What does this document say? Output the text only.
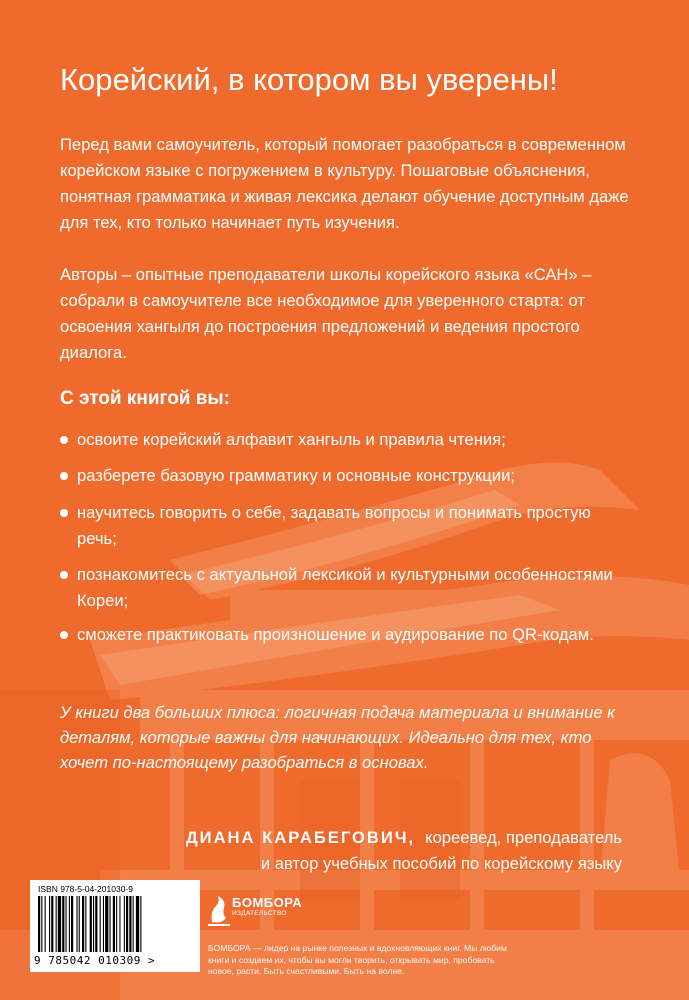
Корейский, в котором вы уверены!

Перед вами самоучитель, который помогает разобраться в современном корейском языке с погружением в культуру. Пошаговые объяснения, понятная грамматика и живая лексика делают обучение доступным даже для тех, кто только начинает путь изучения.

Авторы – опытные преподаватели школы корейского языка «САН» – собрали в самоучителе все необходимое для уверенного старта: от освоения хангыля до построения предложений и ведения простого диалога.

С этой книгой вы:

освоите корейский алфавит хангыль и правила чтения;

разберете базовую грамматику и основные конструкции;

научитесь говорить о себе, задавать вопросы и понимать простую речь;

познакомитесь с актуальной лексикой и культурными особенностями Кореи;

сможете практиковать произношение и аудирование по QR-кодам.

У книги два больших плюса: логичная подача материала и внимание к деталям, которые важны для начинающих. Идеально для тех, кто хочет по-настоящему разобраться в основах.

ДИАНА КАРАБЕГОВИЧ, кореевед, преподаватель

и автор учебных пособий по корейскому языку

ISBN 978-5-04-201030-9
9 785042 010309 >
БОМБОРА
ИЗДАТЕЛЬСТВО

БОМБОРА — лидер на рынке полезных и вдохновляющих книг. Мы любим книги и создаем их, чтобы вы могли творить, открывать мир, пробовать новое, расти. Быть счастливыми. Быть на волне.
